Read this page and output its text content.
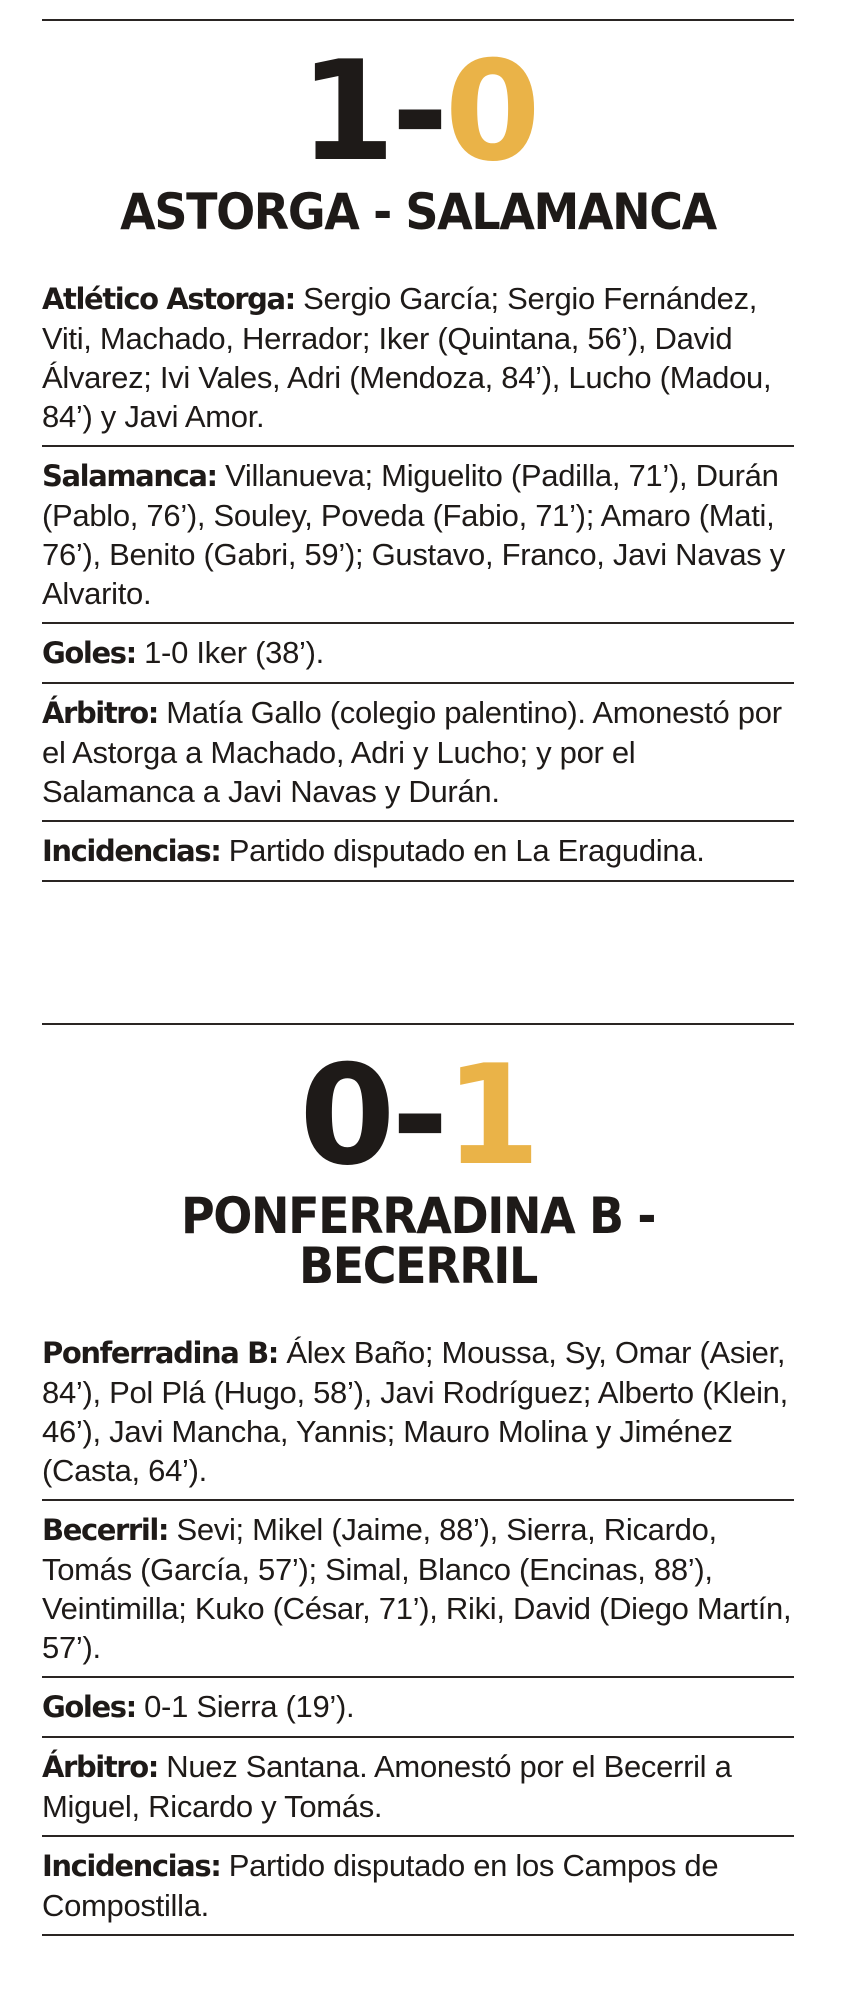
1-0
ASTORGA - SALAMANCA
Atlético Astorga: Sergio García; Sergio Fernández, Viti, Machado, Herrador; Iker (Quintana, 56’), David Álvarez; Ivi Vales, Adri (Mendoza, 84’), Lucho (Madou, 84’) y Javi Amor.
Salamanca: Villanueva; Miguelito (Padilla, 71’), Durán (Pablo, 76’), Souley, Poveda (Fabio, 71’); Amaro (Mati, 76’), Benito (Gabri, 59’); Gustavo, Franco, Javi Navas y Alvarito.
Goles: 1-0 Iker (38’).
Árbitro: Matía Gallo (colegio palentino). Amonestó por el Astorga a Machado, Adri y Lucho; y por el Salamanca a Javi Navas y Durán.
Incidencias: Partido disputado en La Eragudina.
0-1
PONFERRADINA B - BECERRIL
Ponferradina B: Álex Baño; Moussa, Sy, Omar (Asier, 84’), Pol Plá (Hugo, 58’), Javi Rodríguez; Alberto (Klein, 46’), Javi Mancha, Yannis; Mauro Molina y Jiménez (Casta, 64’).
Becerril: Sevi; Mikel (Jaime, 88’), Sierra, Ricardo, Tomás (García, 57’); Simal, Blanco (Encinas, 88’), Veintimilla; Kuko (César, 71’), Riki, David (Diego Martín, 57’).
Goles: 0-1 Sierra (19’).
Árbitro: Nuez Santana. Amonestó por el Becerril a Miguel, Ricardo y Tomás.
Incidencias: Partido disputado en los Campos de Compostilla.
